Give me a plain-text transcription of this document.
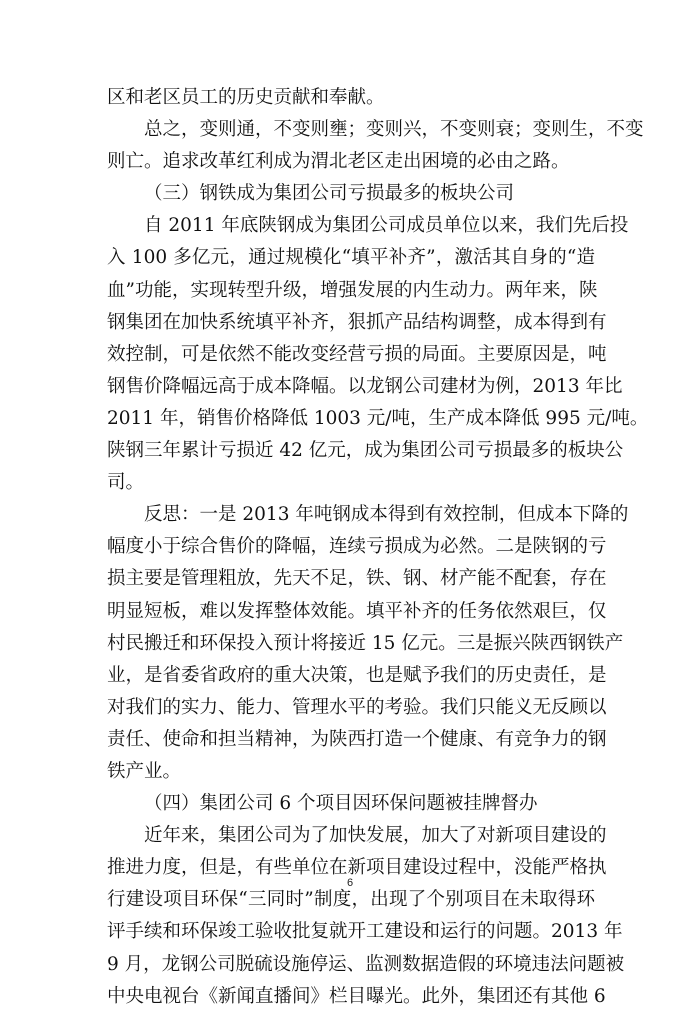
区和老区员工的历史贡献和奉献。
总之，变则通，不变则壅；变则兴，不变则衰；变则生，不变
则亡。追求改革红利成为渭北老区走出困境的必由之路。
（三）钢铁成为集团公司亏损最多的板块公司
自 2011 年底陕钢成为集团公司成员单位以来，我们先后投
入 100 多亿元，通过规模化“填平补齐”，激活其自身的“造
血”功能，实现转型升级，增强发展的内生动力。两年来，陕
钢集团在加快系统填平补齐，狠抓产品结构调整，成本得到有
效控制，可是依然不能改变经营亏损的局面。主要原因是，吨
钢售价降幅远高于成本降幅。以龙钢公司建材为例，2013 年比
2011 年，销售价格降低 1003 元/吨，生产成本降低 995 元/吨。
陕钢三年累计亏损近 42 亿元，成为集团公司亏损最多的板块公
司。
反思：一是 2013 年吨钢成本得到有效控制，但成本下降的
幅度小于综合售价的降幅，连续亏损成为必然。二是陕钢的亏
损主要是管理粗放，先天不足，铁、钢、材产能不配套，存在
明显短板，难以发挥整体效能。填平补齐的任务依然艰巨，仅
村民搬迁和环保投入预计将接近 15 亿元。三是振兴陕西钢铁产
业，是省委省政府的重大决策，也是赋予我们的历史责任，是
对我们的实力、能力、管理水平的考验。我们只能义无反顾以
责任、使命和担当精神，为陕西打造一个健康、有竞争力的钢
铁产业。
（四）集团公司 6 个项目因环保问题被挂牌督办
近年来，集团公司为了加快发展，加大了对新项目建设的
推进力度，但是，有些单位在新项目建设过程中，没能严格执
行建设项目环保“三同时”制度，出现了个别项目在未取得环
评手续和环保竣工验收批复就开工建设和运行的问题。2013 年
9 月，龙钢公司脱硫设施停运、监测数据造假的环境违法问题被
中央电视台《新闻直播间》栏目曝光。此外，集团还有其他 6
6
